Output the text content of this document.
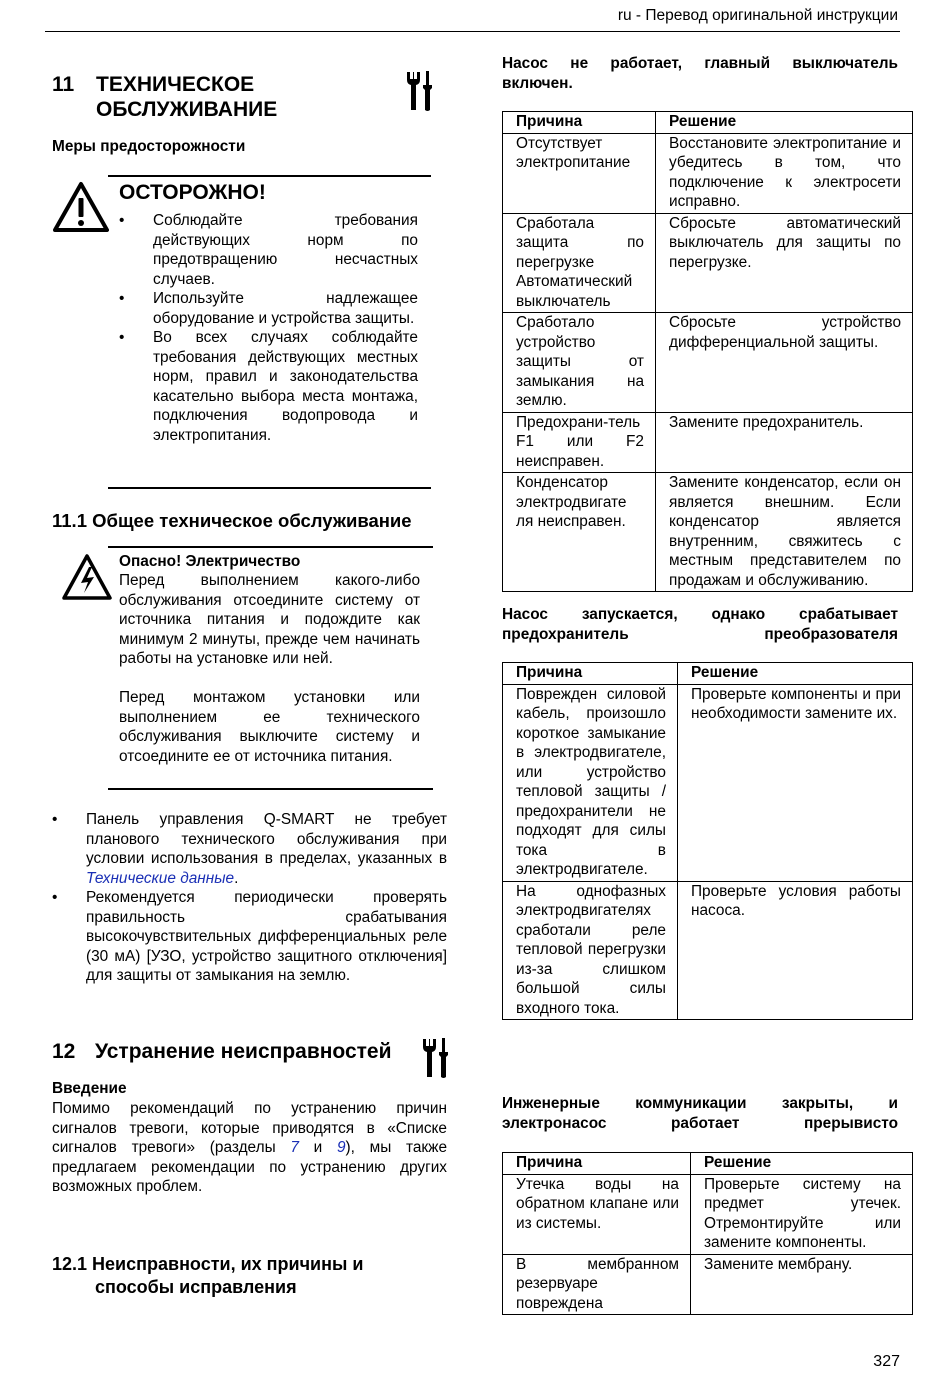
ru - Перевод оригинальной инструкции
11 ТЕХНИЧЕСКОЕ
ОБСЛУЖИВАНИЕ
Меры предосторожности
ОСТОРОЖНО!
• Соблюдайте требования действующих норм по предотвращению несчастных случаев.
• Используйте надлежащее оборудование и устройства защиты.
• Во всех случаях соблюдайте требования действующих местных норм, правил и законодательства касательно выбора места монтажа, подключения водопровода и электропитания.
11.1 Общее техническое обслуживание
Опасно! Электричество
Перед выполнением какого-либо обслуживания отсоедините систему от источника питания и подождите как минимум 2 минуты, прежде чем начинать работы на установке или ней.
Перед монтажом установки или выполнением ее технического обслуживания выключите систему и отсоедините ее от источника питания.
• Панель управления Q-SMART не требует планового технического обслуживания при условии использования в пределах, указанных в Технические данные.
• Рекомендуется периодически проверять правильность срабатывания высокочувствительных дифференциальных реле (30 мА) [УЗО, устройство защитного отключения] для защиты от замыкания на землю.
12 Устранение неисправностей
Введение
Помимо рекомендаций по устранению причин сигналов тревоги, которые приводятся в «Списке сигналов тревоги» (разделы 7 и 9), мы также предлагаем рекомендации по устранению других возможных проблем.
12.1 Неисправности, их причины и
способы исправления
Насос не работает, главный выключатель включен.
Причина	Решение
Отсутствует электропитание	Восстановите электропитание и убедитесь в том, что подключение к электросети исправно.
Сработала защита по перегрузке Автоматический выключатель	Сбросьте автоматический выключатель для защиты по перегрузке.
Сработало устройство защиты от замыкания на землю.	Сбросьте устройство дифференциальной защиты.
Предохрани-тель F1 или F2 неисправен.	Замените предохранитель.
Конденсатор электродвигате ля неисправен.	Замените конденсатор, если он является внешним. Если конденсатор является внутренним, свяжитесь с местным представителем по продажам и обслуживанию.
Насос запускается, однако срабатывает предохранитель преобразователя
Причина	Решение
Поврежден силовой кабель, произошло короткое замыкание в электродвигателе, или устройство тепловой защиты / предохранители не подходят для силы тока в электродвигателе.	Проверьте компоненты и при необходимости замените их.
На однофазных электродвигателях сработали реле тепловой перегрузки из-за слишком большой силы входного тока.	Проверьте условия работы насоса.
Инженерные коммуникации закрыты, и электронасос работает прерывисто
Причина	Решение
Утечка воды на обратном клапане или из системы.	Проверьте систему на предмет утечек. Отремонтируйте или замените компоненты.
В мембранном резервуаре повреждена	Замените мембрану.
327
